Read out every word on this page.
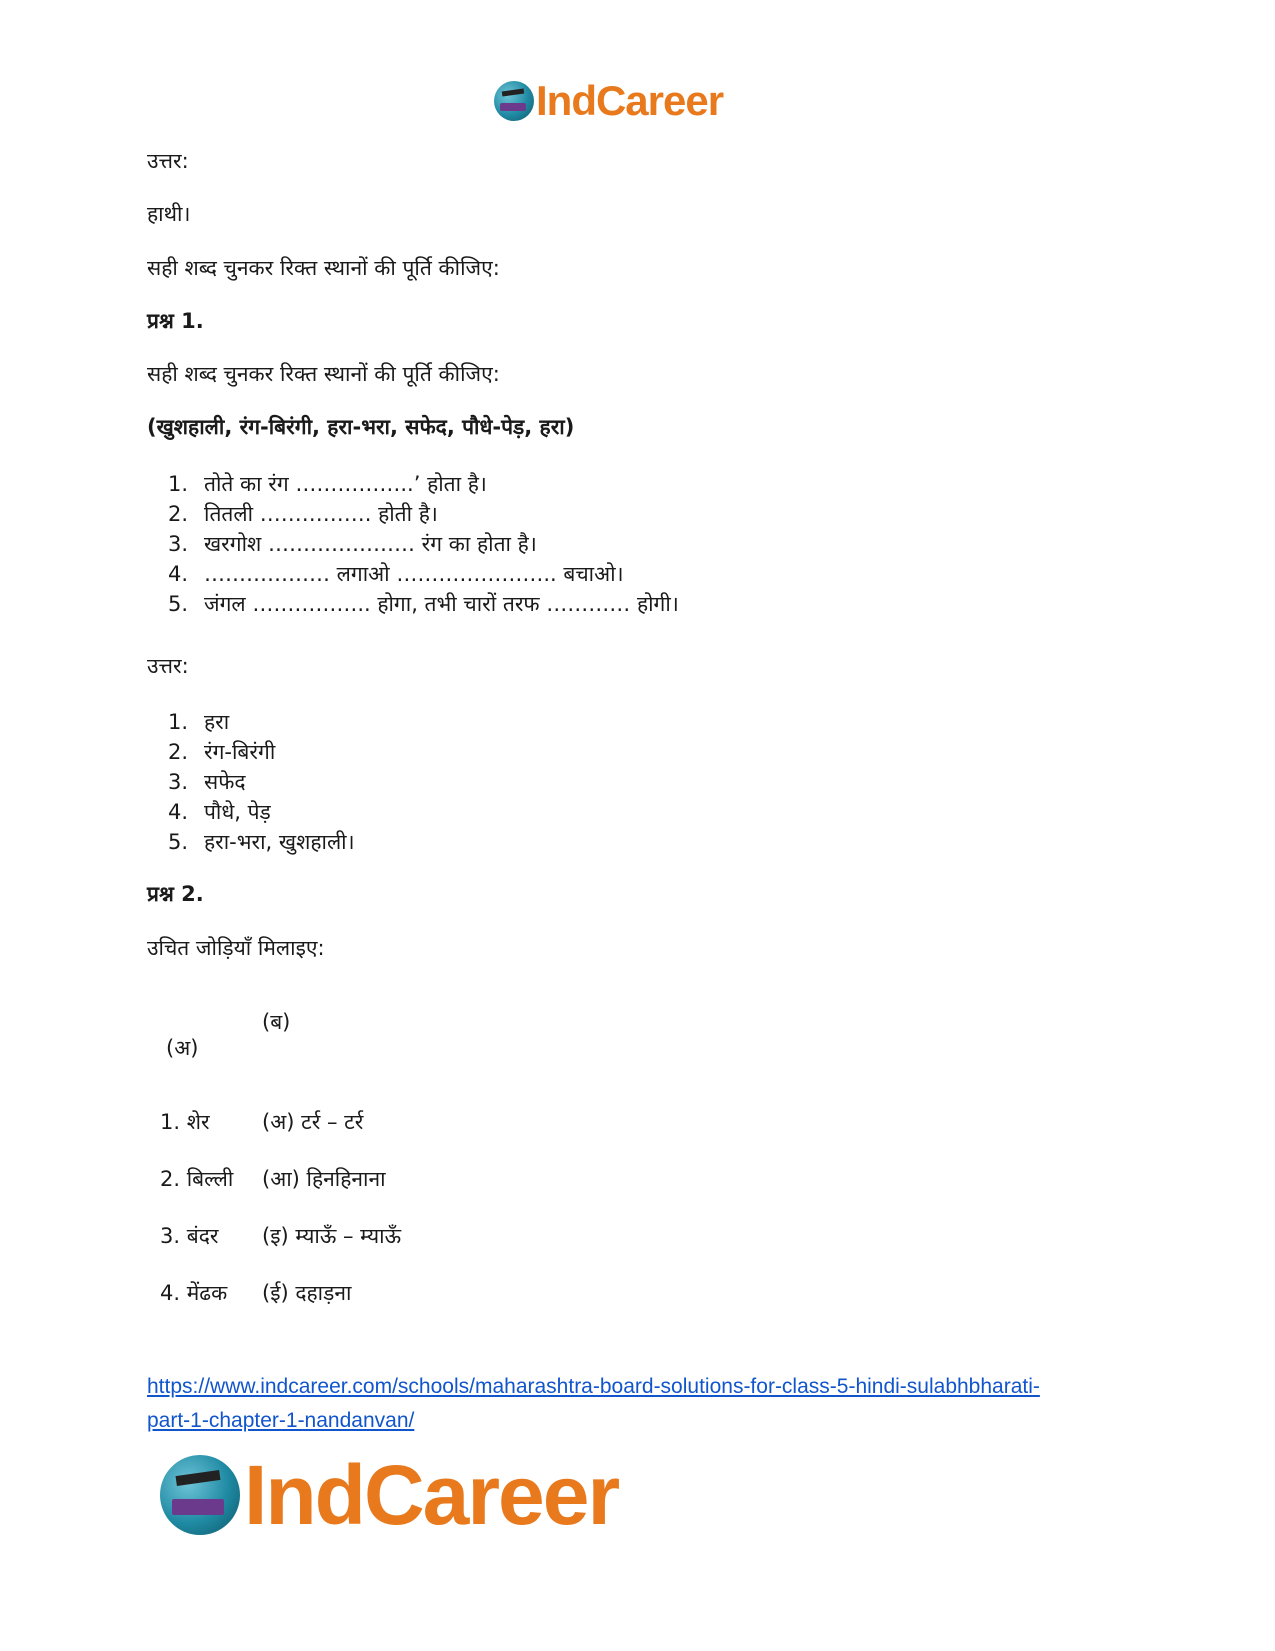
IndCareer
उत्तर:
हाथी।
सही शब्द चुनकर रिक्त स्थानों की पूर्ति कीजिए:
प्रश्न 1.
सही शब्द चुनकर रिक्त स्थानों की पूर्ति कीजिए:
(खुशहाली, रंग-बिरंगी, हरा-भरा, सफेद, पौधे-पेड़, हरा)
1. तोते का रंग ……………..’ होता है।
2. तितली ……………. होती है।
3. खरगोश ………………… रंग का होता है।
4. ……………… लगाओ ………………….. बचाओ।
5. जंगल …………….. होगा, तभी चारों तरफ ………… होगी।
उत्तर:
1. हरा
2. रंग-बिरंगी
3. सफेद
4. पौधे, पेड़
5. हरा-भरा, खुशहाली।
प्रश्न 2.
उचित जोड़ियाँ मिलाइए:
(अ)
(ब)
1. शेर (अ) टर्र – टर्र
2. बिल्ली (आ) हिनहिनाना
3. बंदर (इ) म्याऊँ – म्याऊँ
4. मेंढक (ई) दहाड़ना
https://www.indcareer.com/schools/maharashtra-board-solutions-for-class-5-hindi-sulabhbharati-
part-1-chapter-1-nandanvan/
IndCareer
